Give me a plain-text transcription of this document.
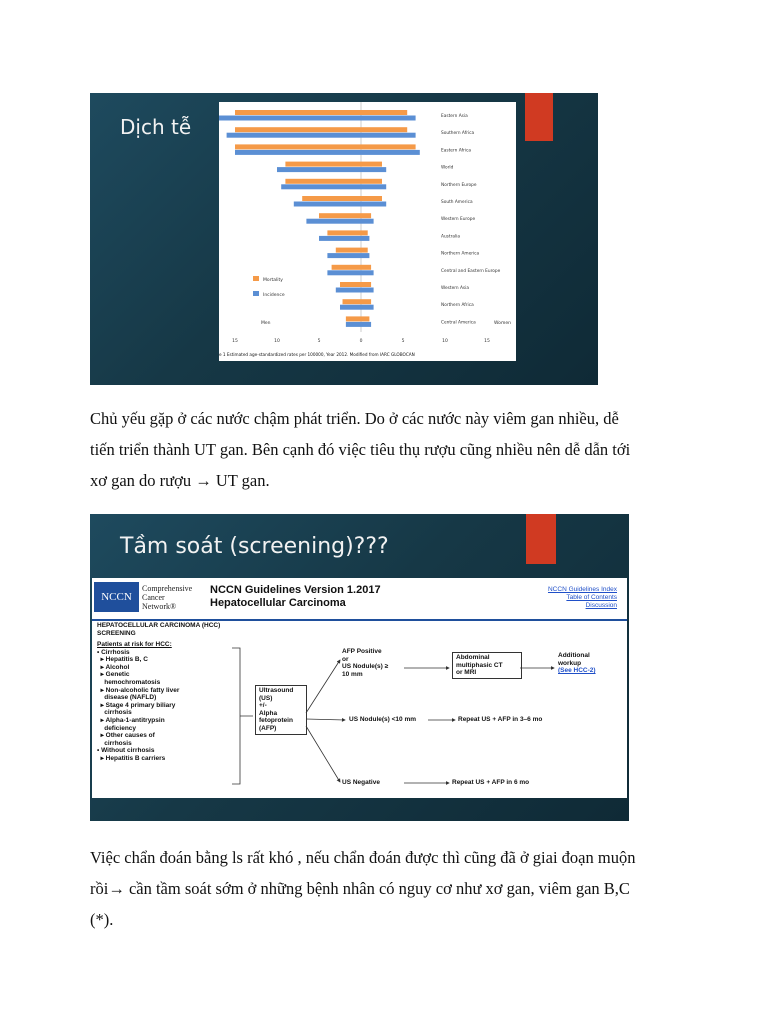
Dịch tễ	Eastern Asia
Southern Africa
Eastern Africa
World
Northern Europe
South America
Western Europe
Australia
Northern America
Central and Eastern Europe
Western Asia
Northern Africa
Central America
15	10	5	0	5	10	15
Mortality
Incidence
Men	Women
e 1 Estimated age-standardized rates per 100000, Year 2012. Modified from IARC GLOBOCAN

Chủ yếu gặp ở các nước chậm phát triển. Do ở các nước này viêm gan nhiều, dễ
tiến triển thành UT gan. Bên cạnh đó việc tiêu thụ rượu cũng nhiều nên dễ dẫn tới
xơ gan do rượu → UT gan.

Tầm soát (screening)???
NCCN
Comprehensive
Cancer
Network®
NCCN Guidelines Version 1.2017
Hepatocellular Carcinoma
NCCN Guidelines Index
Table of Contents
Discussion
HEPATOCELLULAR CARCINOMA (HCC)
SCREENING
Patients at risk for HCC:
• Cirrhosis
▸ Hepatitis B, C
▸ Alcohol
▸ Genetic
hemochromatosis
▸ Non-alcoholic fatty liver
disease (NAFLD)
▸ Stage 4 primary biliary
cirrhosis
▸ Alpha-1-antitrypsin
deficiency
▸ Other causes of
cirrhosis
• Without cirrhosis
▸ Hepatitis B carriers
Ultrasound
(US)
+/-
Alpha
fetoprotein
(AFP)
AFP Positive
or
US Nodule(s) ≥
10 mm
Abdominal
multiphasic CT
or MRI
Additional
workup
(See HCC-2)
US Nodule(s) <10 mm	Repeat US + AFP in 3–6 mo
US Negative	Repeat US + AFP in 6 mo

Việc chẩn đoán bằng ls rất khó , nếu chẩn đoán được thì cũng đã ở giai đoạn muộn
rồi→ cần tầm soát sớm ở những bệnh nhân có nguy cơ như xơ gan, viêm gan B,C
(*).
